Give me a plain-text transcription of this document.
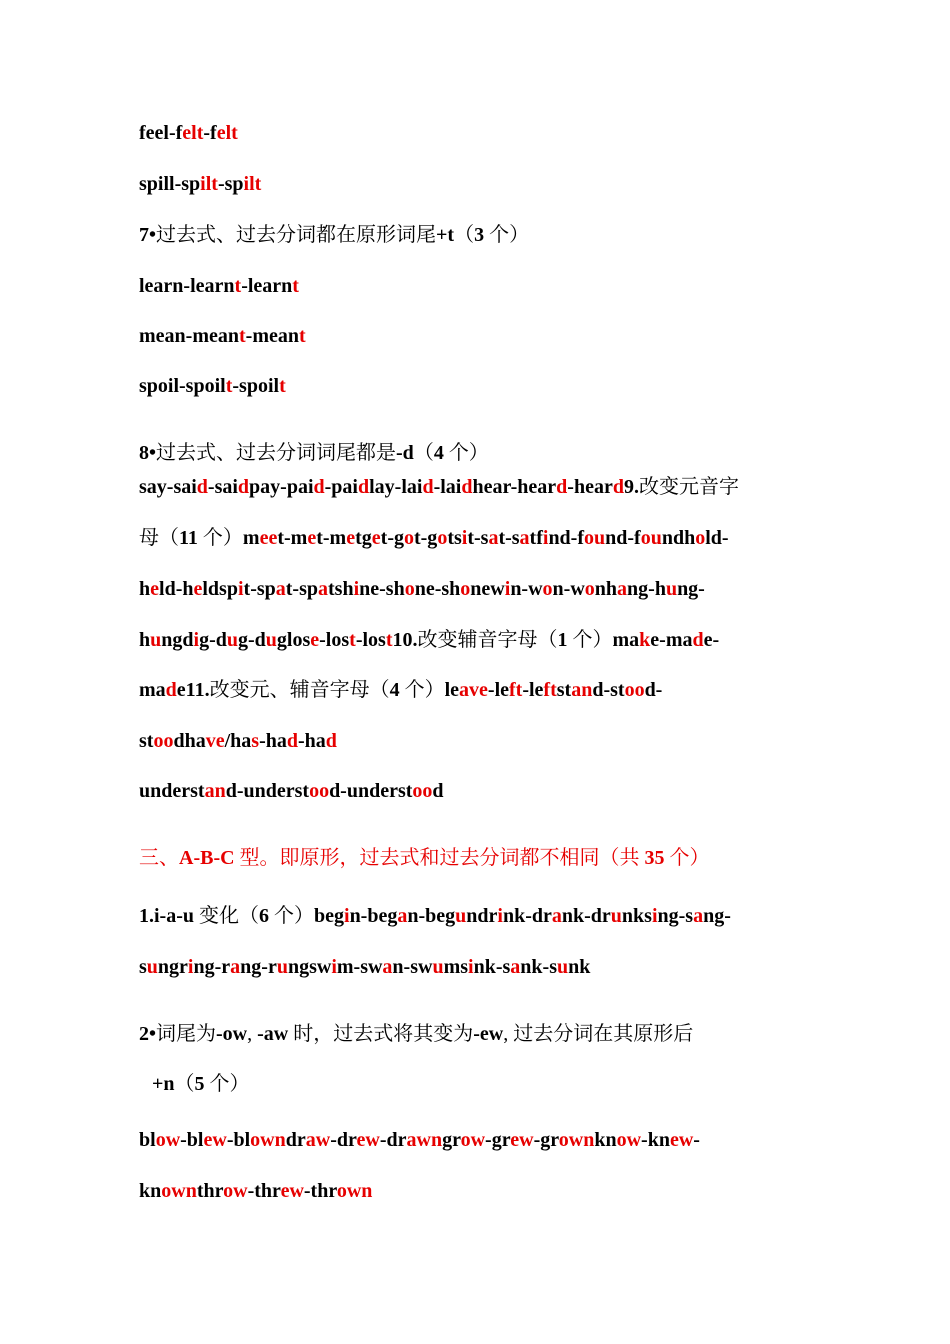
feel-felt-felt

spill-spilt-spilt

7•过去式、过去分词都在原形词尾+t（3 个）

learn-learnt-learnt

mean-meant-meant

spoil-spoilt-spoilt

8•过去式、过去分词词尾都是-d（4 个）

say-said-saidpay-paid-paidlay-laid-laidhear-heard-heard9.改变元音字

母（11 个）meet-met-metget-got-gotsit-sat-satfind-found-foundhold-

held-heldspit-spat-spatshine-shone-shonewin-won-wonhang-hung-

hungdig-dug-duglose-lost-lost10.改变辅音字母（1 个）make-made-

made11.改变元、辅音字母（4 个）leave-left-leftstand-stood-

stoodhave/has-had-had

understand-understood-understood

三、A-B-C 型。即原形，过去式和过去分词都不相同（共 35 个）

1.i-a-u 变化（6 个）begin-began-begundrink-drank-drunksing-sang-

sungring-rang-rungswim-swan-swumsink-sank-sunk

2•词尾为-ow, -aw 时，过去式将其变为-ew, 过去分词在其原形后

+n（5 个）

blow-blew-blowndraw-drew-drawngrow-grew-grownknow-knew-

knownthrow-threw-thrown
